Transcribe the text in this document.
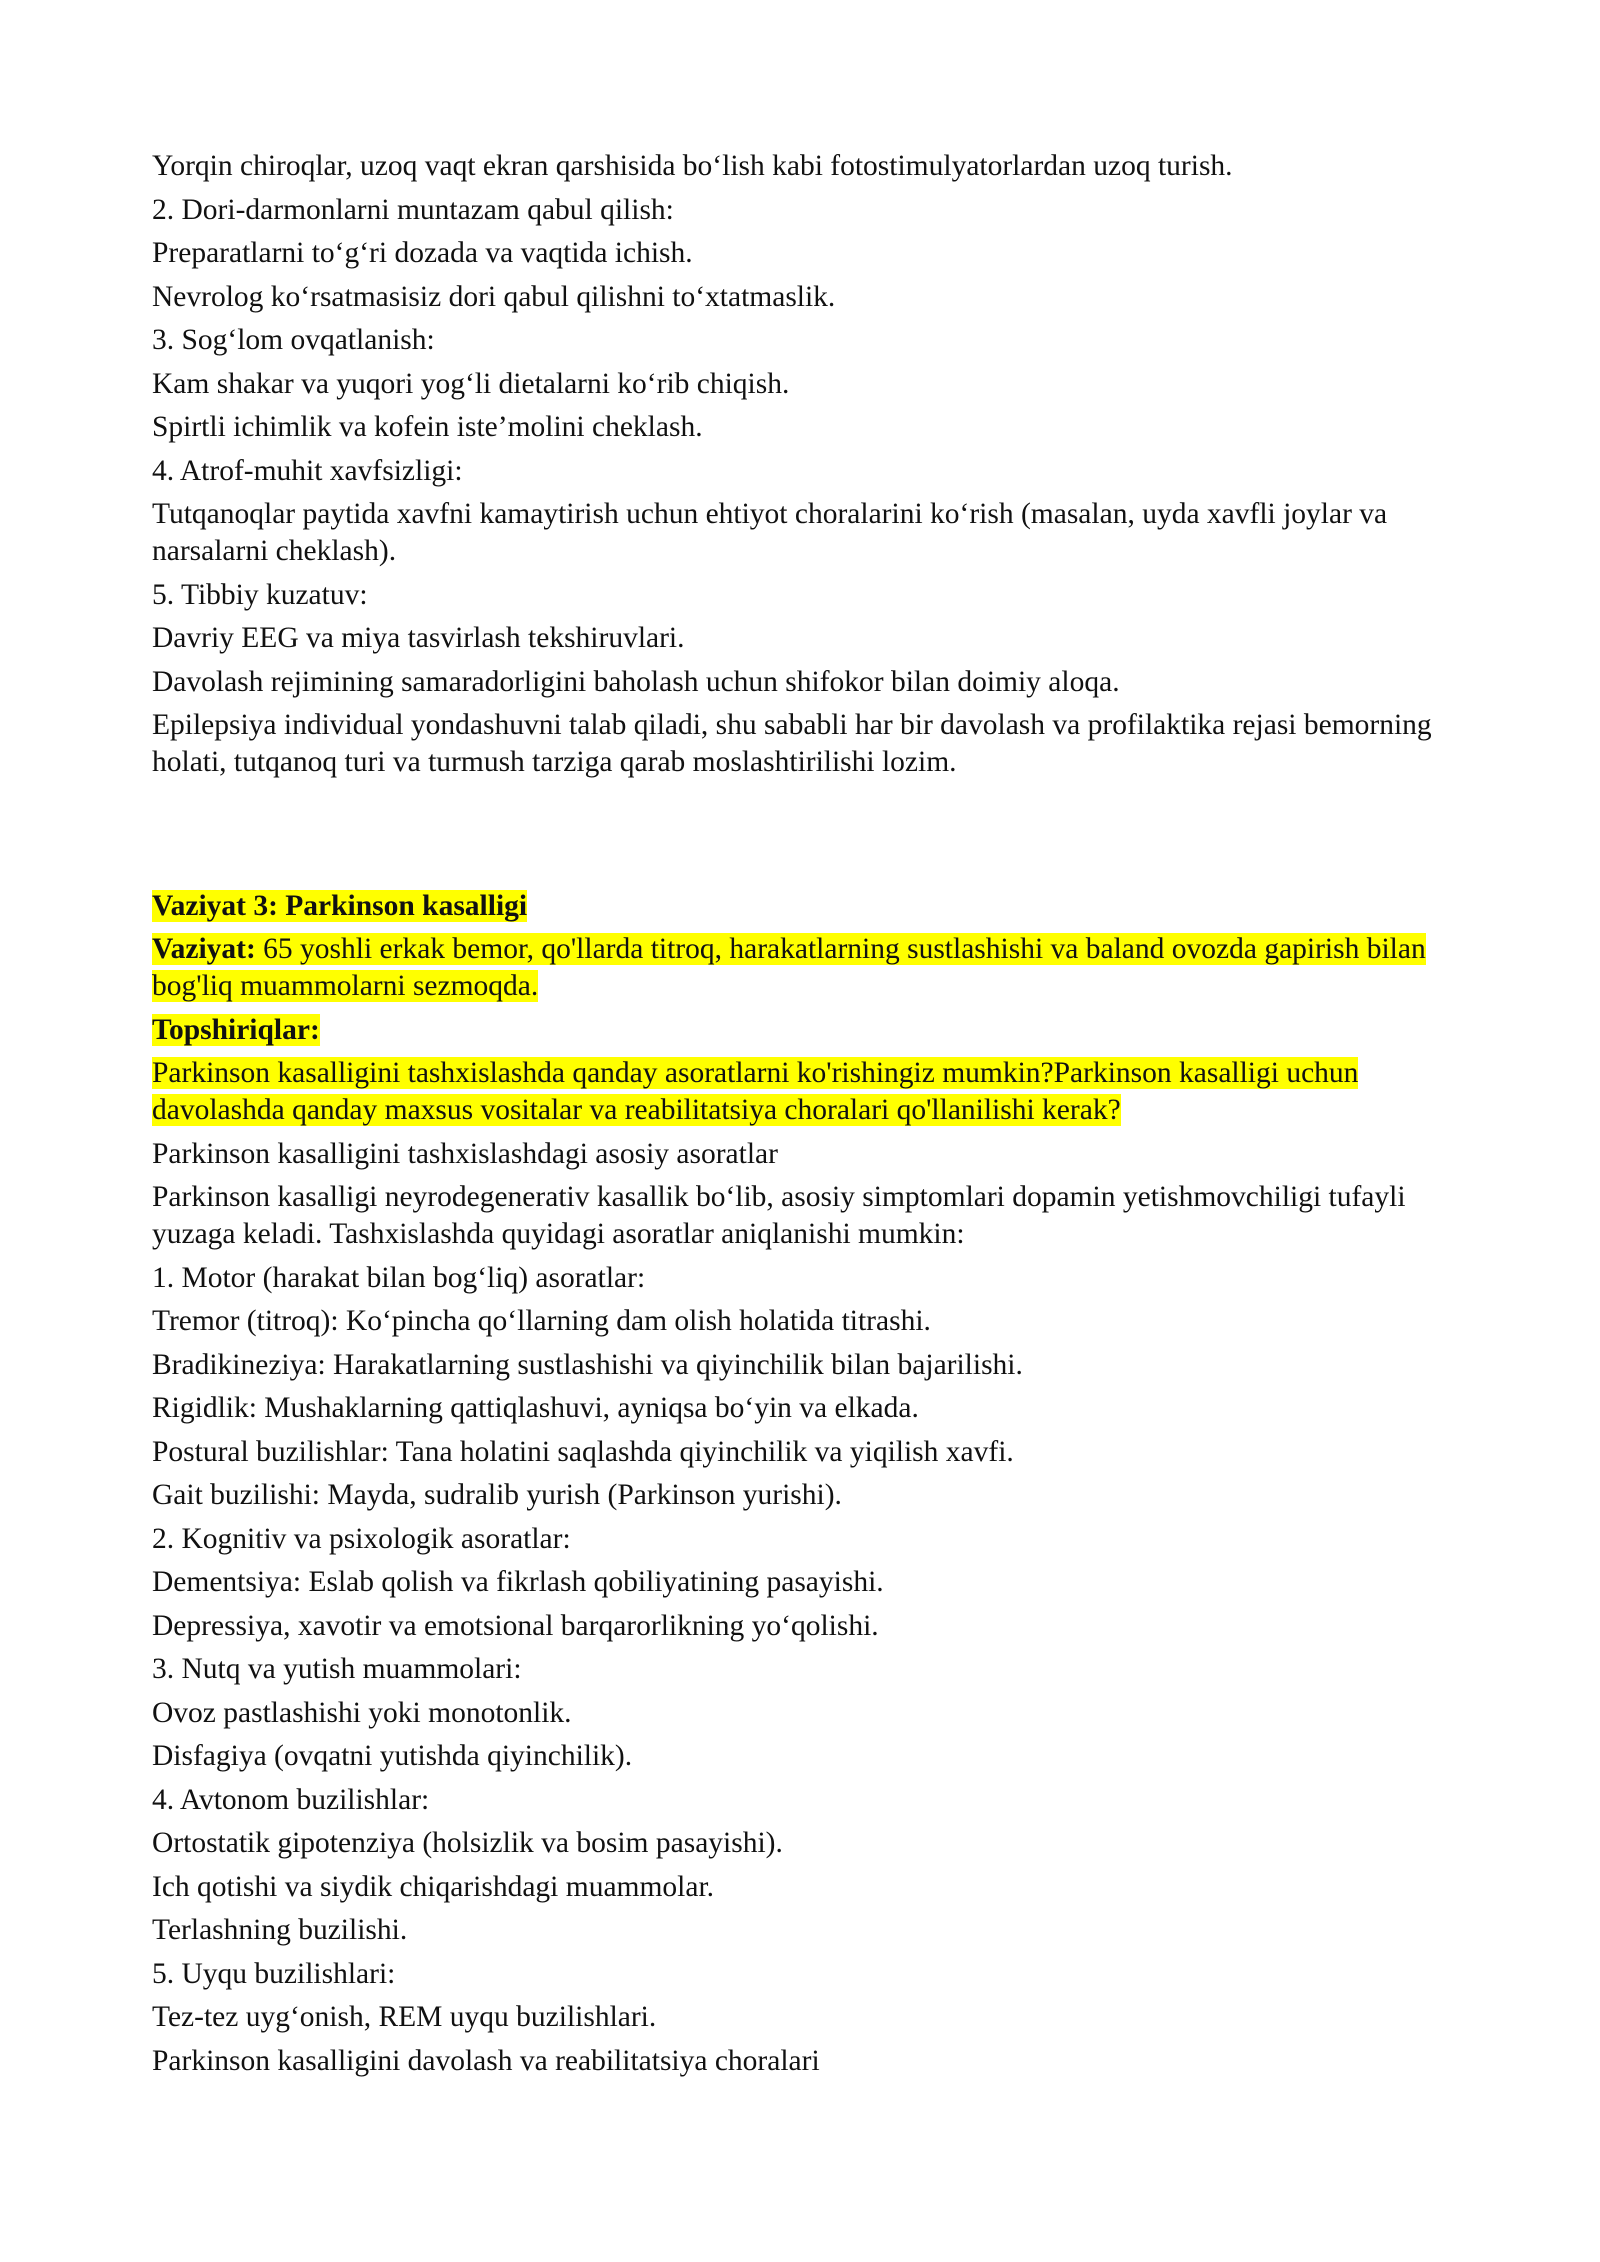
Yorqin chiroqlar, uzoq vaqt ekran qarshisida bo‘lish kabi fotostimulyatorlardan uzoq turish.

2. Dori-darmonlarni muntazam qabul qilish:

Preparatlarni to‘g‘ri dozada va vaqtida ichish.

Nevrolog ko‘rsatmasisiz dori qabul qilishni to‘xtatmaslik.

3. Sog‘lom ovqatlanish:

Kam shakar va yuqori yog‘li dietalarni ko‘rib chiqish.

Spirtli ichimlik va kofein iste’molini cheklash.

4. Atrof-muhit xavfsizligi:

Tutqanoqlar paytida xavfni kamaytirish uchun ehtiyot choralarini ko‘rish (masalan, uyda xavfli joylar va narsalarni cheklash).

5. Tibbiy kuzatuv:

Davriy EEG va miya tasvirlash tekshiruvlari.

Davolash rejimining samaradorligini baholash uchun shifokor bilan doimiy aloqa.

Epilepsiya individual yondashuvni talab qiladi, shu sababli har bir davolash va profilaktika rejasi bemorning holati, tutqanoq turi va turmush tarziga qarab moslashtirilishi lozim.

Vaziyat 3: Parkinson kasalligi

Vaziyat: 65 yoshli erkak bemor, qo'llarda titroq, harakatlarning sustlashishi va baland ovozda gapirish bilan bog'liq muammolarni sezmoqda.

Topshiriqlar:

Parkinson kasalligini tashxislashda qanday asoratlarni ko'rishingiz mumkin?Parkinson kasalligi uchun davolashda qanday maxsus vositalar va reabilitatsiya choralari qo'llanilishi kerak?

Parkinson kasalligini tashxislashdagi asosiy asoratlar

Parkinson kasalligi neyrodegenerativ kasallik bo‘lib, asosiy simptomlari dopamin yetishmovchiligi tufayli yuzaga keladi. Tashxislashda quyidagi asoratlar aniqlanishi mumkin:

1. Motor (harakat bilan bog‘liq) asoratlar:

Tremor (titroq): Ko‘pincha qo‘llarning dam olish holatida titrashi.

Bradikineziya: Harakatlarning sustlashishi va qiyinchilik bilan bajarilishi.

Rigidlik: Mushaklarning qattiqlashuvi, ayniqsa bo‘yin va elkada.

Postural buzilishlar: Tana holatini saqlashda qiyinchilik va yiqilish xavfi.

Gait buzilishi: Mayda, sudralib yurish (Parkinson yurishi).

2. Kognitiv va psixologik asoratlar:

Dementsiya: Eslab qolish va fikrlash qobiliyatining pasayishi.

Depressiya, xavotir va emotsional barqarorlikning yo‘qolishi.

3. Nutq va yutish muammolari:

Ovoz pastlashishi yoki monotonlik.

Disfagiya (ovqatni yutishda qiyinchilik).

4. Avtonom buzilishlar:

Ortostatik gipotenziya (holsizlik va bosim pasayishi).

Ich qotishi va siydik chiqarishdagi muammolar.

Terlashning buzilishi.

5. Uyqu buzilishlari:

Tez-tez uyg‘onish, REM uyqu buzilishlari.

Parkinson kasalligini davolash va reabilitatsiya choralari
